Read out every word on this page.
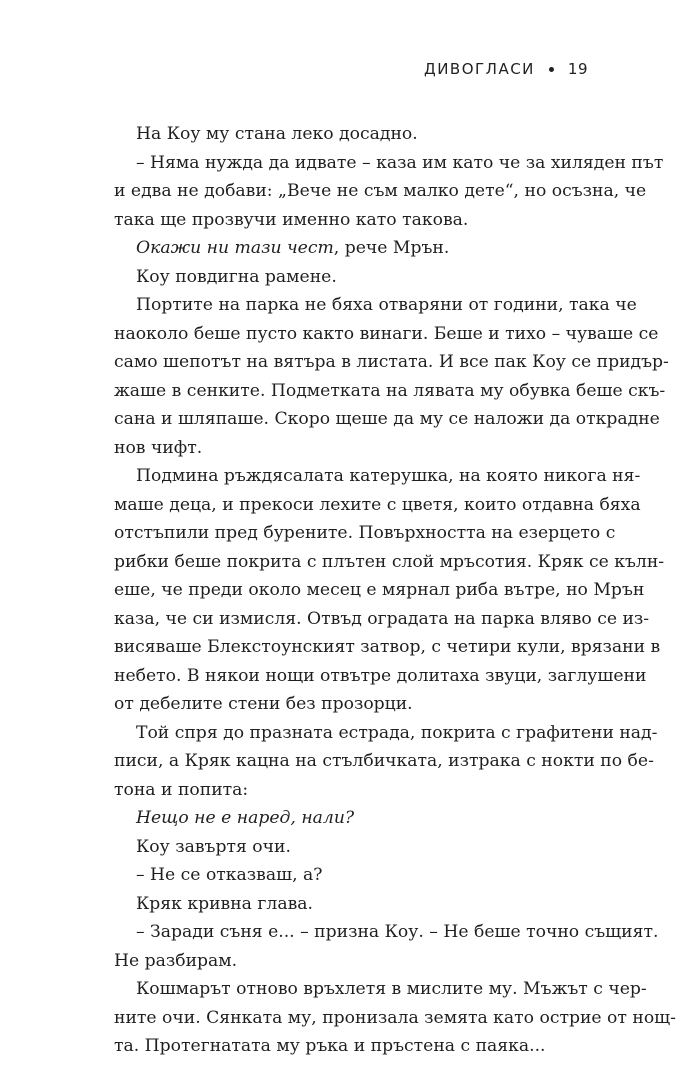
ДИВОГЛАСИ 19
На Коу му стана леко досадно.
– Няма нужда да идвате – каза им като че за хиляден път
и едва не добави: „Вече не съм малко дете“, но осъзна, че
така ще прозвучи именно като такова.
Окажи ни тази чест, рече Мрън.
Коу повдигна рамене.
Портите на парка не бяха отваряни от години, така че
наоколо беше пусто както винаги. Беше и тихо – чуваше се
само шепотът на вятъра в листата. И все пак Коу се придър-
жаше в сенките. Подметката на лявата му обувка беше скъ-
сана и шляпаше. Скоро щеше да му се наложи да открадне
нов чифт.
Подмина ръждясалата катерушка, на която никога ня-
маше деца, и прекоси лехите с цветя, които отдавна бяха
отстъпили пред бурените. Повърхността на езерцето с
рибки беше покрита с плътен слой мръсотия. Кряк се кълн-
еше, че преди около месец е мярнал риба вътре, но Мрън
каза, че си измисля. Отвъд оградата на парка вляво се из-
висяваше Блекстоунският затвор, с четири кули, врязани в
небето. В някои нощи отвътре долитаха звуци, заглушени
от дебелите стени без прозорци.
Той спря до празната естрада, покрита с графитени над-
писи, а Кряк кацна на стълбичката, изтрака с нокти по бе-
тона и попита:
Нещо не е наред, нали?
Коу завъртя очи.
– Не се отказваш, а?
Кряк кривна глава.
– Заради съня е... – призна Коу. – Не беше точно същият.
Не разбирам.
Кошмарът отново връхлетя в мислите му. Мъжът с чер-
ните очи. Сянката му, пронизала земята като острие от нощ-
та. Протегнатата му ръка и пръстена с паяка...
